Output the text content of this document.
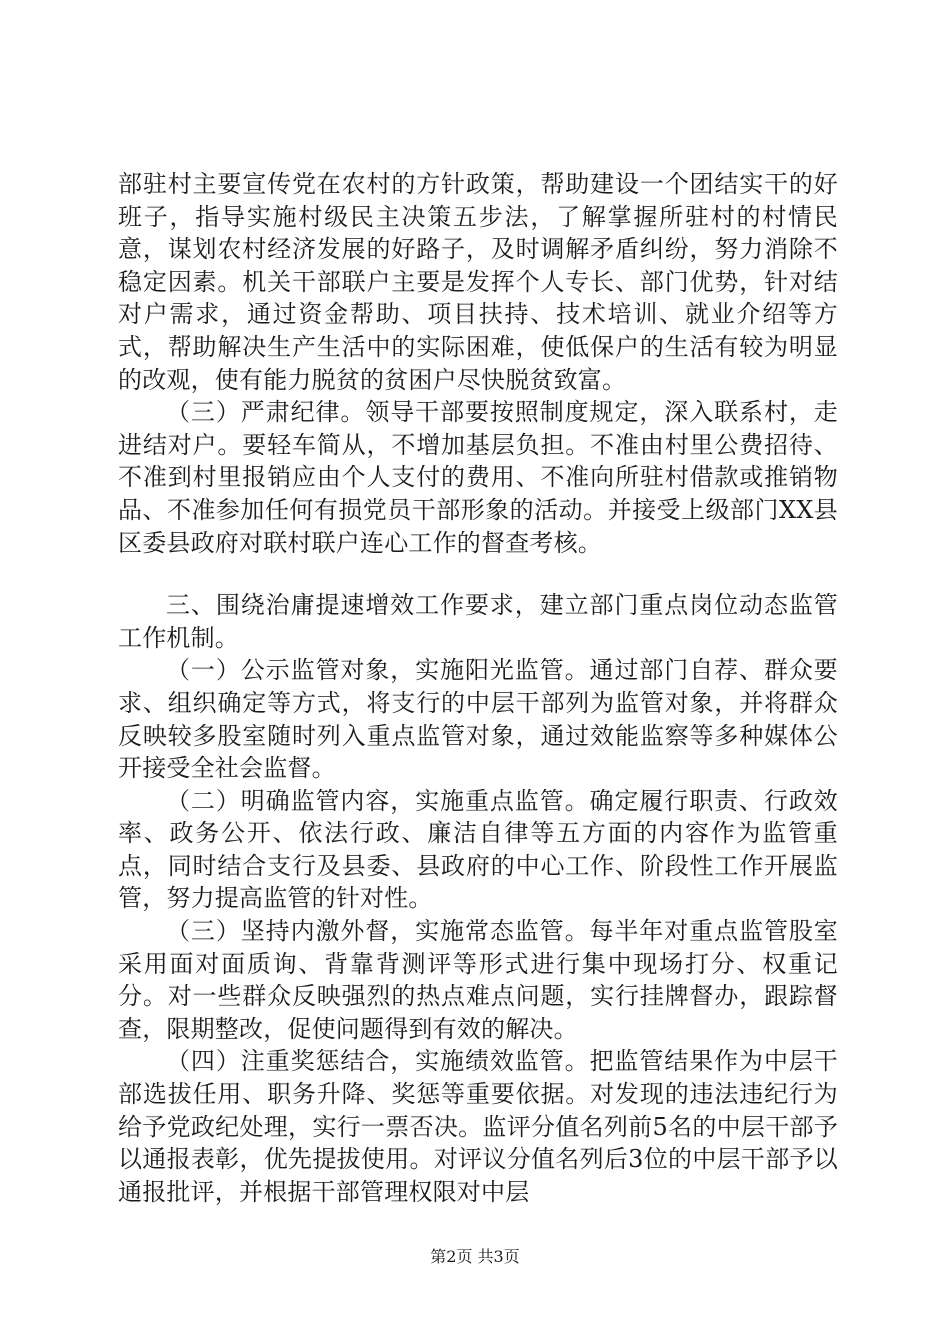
部驻村主要宣传党在农村的方针政策，帮助建设一个团结实干的好班子，指导实施村级民主决策五步法，了解掌握所驻村的村情民意，谋划农村经济发展的好路子，及时调解矛盾纠纷，努力消除不稳定因素。机关干部联户主要是发挥个人专长、部门优势，针对结对户需求，通过资金帮助、项目扶持、技术培训、就业介绍等方式，帮助解决生产生活中的实际困难，使低保户的生活有较为明显的改观，使有能力脱贫的贫困户尽快脱贫致富。

（三）严肃纪律。领导干部要按照制度规定，深入联系村，走进结对户。要轻车简从，不增加基层负担。不准由村里公费招待、不准到村里报销应由个人支付的费用、不准向所驻村借款或推销物品、不准参加任何有损党员干部形象的活动。并接受上级部门XX县区委县政府对联村联户连心工作的督查考核。

三、围绕治庸提速增效工作要求，建立部门重点岗位动态监管工作机制。

（一）公示监管对象，实施阳光监管。通过部门自荐、群众要求、组织确定等方式，将支行的中层干部列为监管对象，并将群众反映较多股室随时列入重点监管对象，通过效能监察等多种媒体公开接受全社会监督。

（二）明确监管内容，实施重点监管。确定履行职责、行政效率、政务公开、依法行政、廉洁自律等五方面的内容作为监管重点，同时结合支行及县委、县政府的中心工作、阶段性工作开展监管，努力提高监管的针对性。

（三）坚持内激外督，实施常态监管。每半年对重点监管股室采用面对面质询、背靠背测评等形式进行集中现场打分、权重记分。对一些群众反映强烈的热点难点问题，实行挂牌督办，跟踪督查，限期整改，促使问题得到有效的解决。

（四）注重奖惩结合，实施绩效监管。把监管结果作为中层干部选拔任用、职务升降、奖惩等重要依据。对发现的违法违纪行为给予党政纪处理，实行一票否决。监评分值名列前5名的中层干部予以通报表彰，优先提拔使用。对评议分值名列后3位的中层干部予以通报批评，并根据干部管理权限对中层

第2页 共3页
